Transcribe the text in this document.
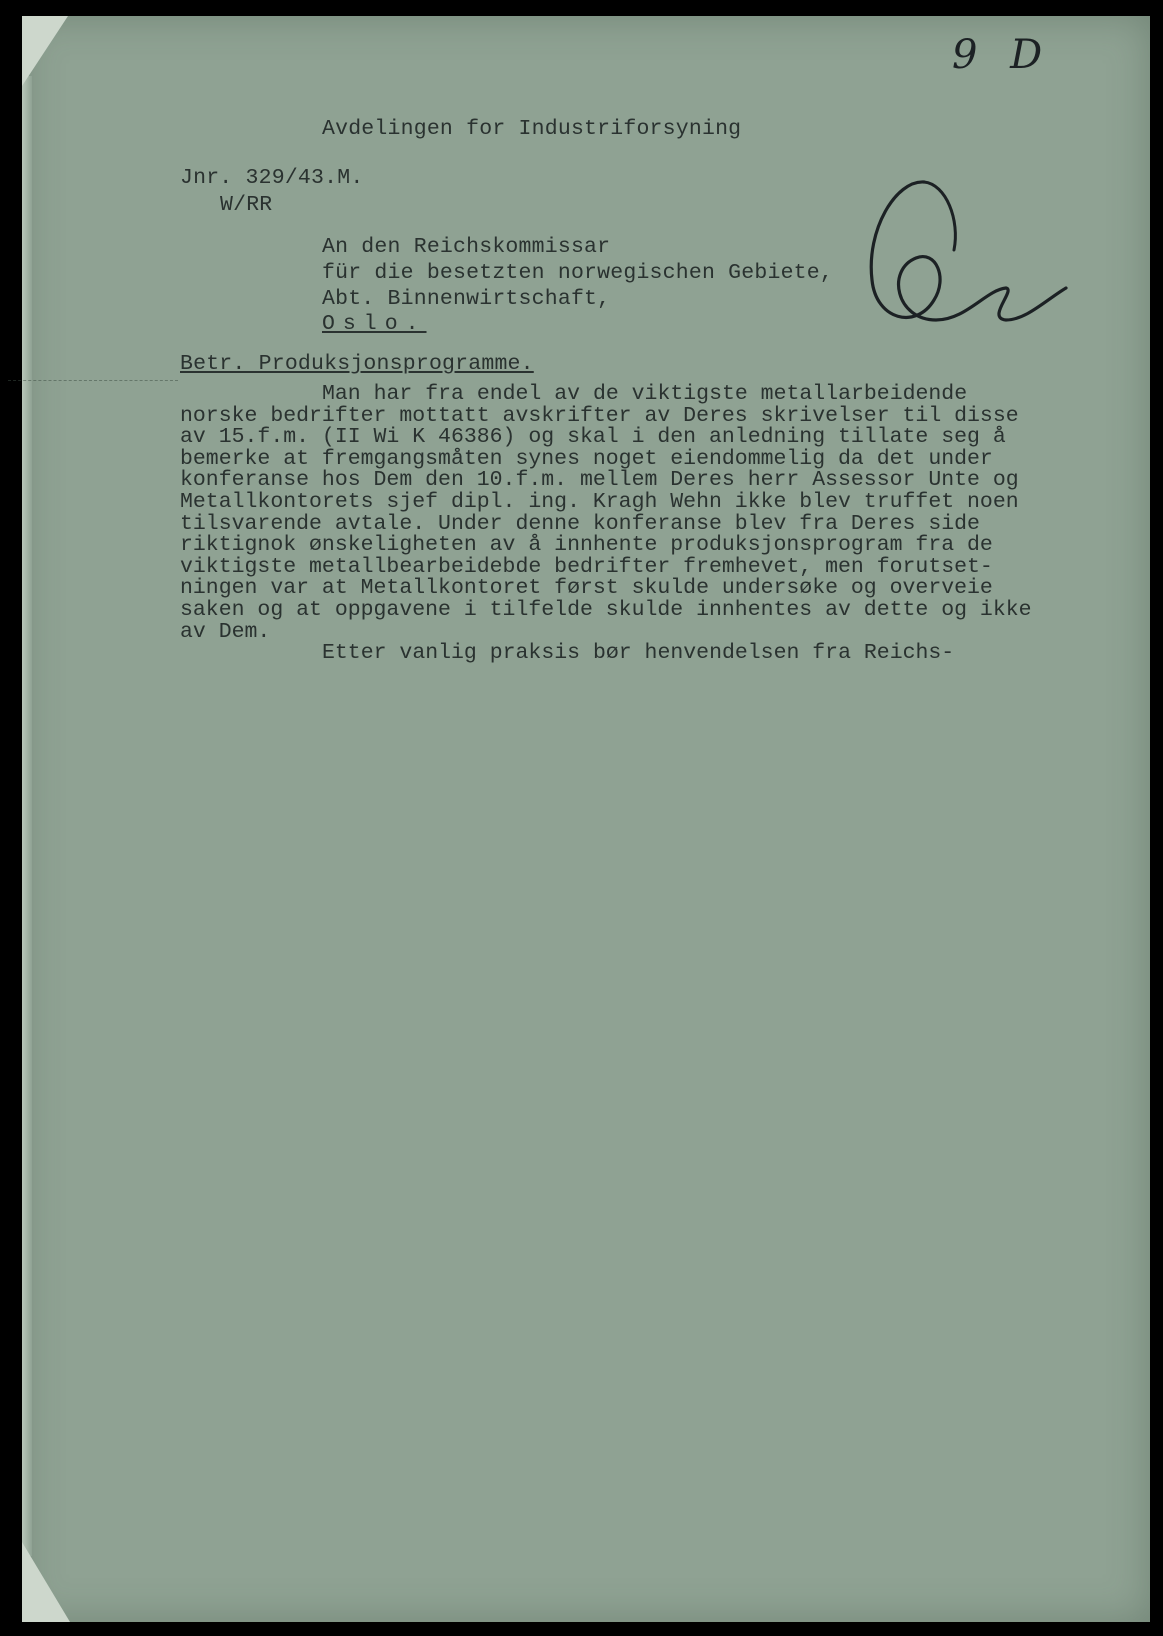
9 D

Avdelingen for Industriforsyning

Jnr. 329/43.M.

W/RR

An den Reichskommissar

für die besetzten norwegischen Gebiete,

Abt. Binnenwirtschaft,

Oslo.

Betr. Produksjonsprogramme.

Man har fra endel av de viktigste metallarbeidende
norske bedrifter mottatt avskrifter av Deres skrivelser til disse
av 15.f.m. (II Wi K 46386) og skal i den anledning tillate seg å
bemerke at fremgangsmåten synes noget eiendommelig da det under
konferanse hos Dem den 10.f.m. mellem Deres herr Assessor Unte og
Metallkontorets sjef dipl. ing. Kragh Wehn ikke blev truffet noen
tilsvarende avtale. Under denne konferanse blev fra Deres side
riktignok ønskeligheten av å innhente produksjonsprogram fra de
viktigste metallbearbeidebde bedrifter fremhevet, men forutset-
ningen var at Metallkontoret først skulde undersøke og overveie
saken og at oppgavene i tilfelde skulde innhentes av dette og ikke
av Dem.
Etter vanlig praksis bør henvendelsen fra Reichs-
